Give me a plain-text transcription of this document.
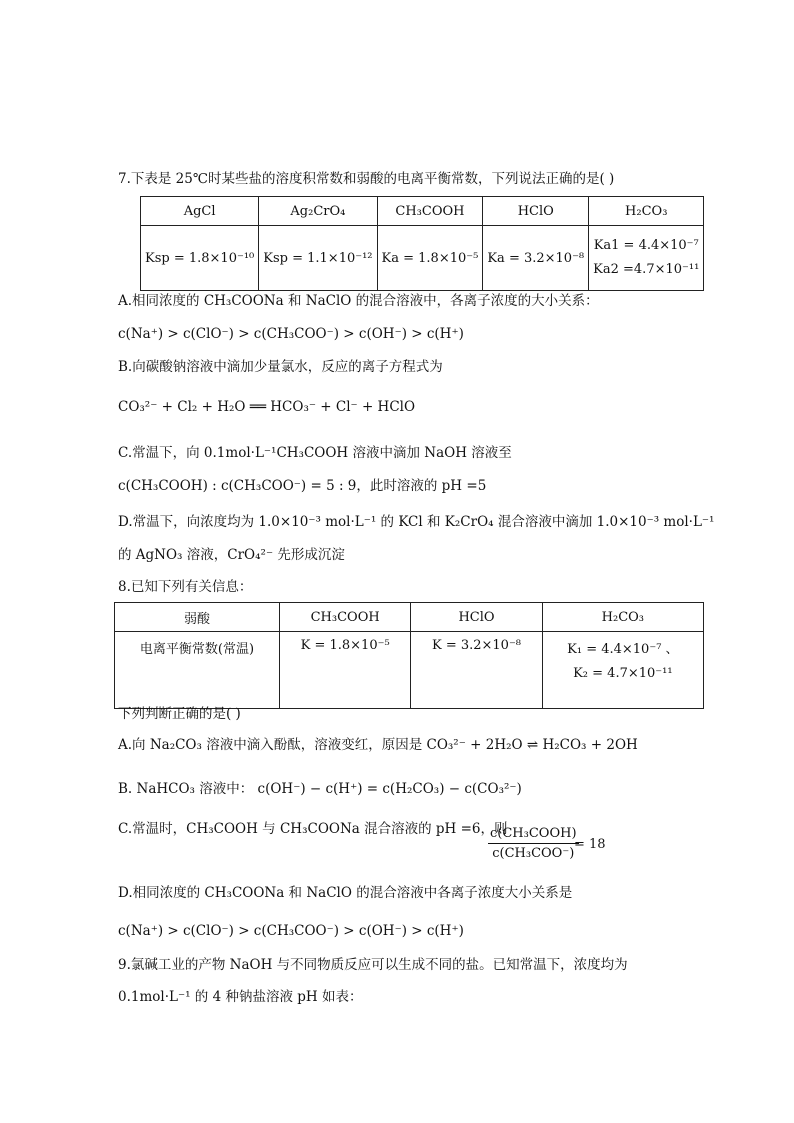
7.下表是 25℃时某些盐的溶度积常数和弱酸的电离平衡常数，下列说法正确的是( )
AgCl	Ag₂CrO₄	CH₃COOH	HClO	H₂CO₃
Ksp = 1.8×10⁻¹⁰	Ksp = 1.1×10⁻¹²	Ka = 1.8×10⁻⁵	Ka = 3.2×10⁻⁸	Ka1 = 4.4×10⁻⁷
Ka2 =4.7×10⁻¹¹
A.相同浓度的 CH₃COONa 和 NaClO 的混合溶液中，各离子浓度的大小关系：
c(Na⁺) > c(ClO⁻) > c(CH₃COO⁻) > c(OH⁻) > c(H⁺)
B.向碳酸钠溶液中滴加少量氯水，反应的离子方程式为
CO₃²⁻ + Cl₂ + H₂O ══ HCO₃⁻ + Cl⁻ + HClO
C.常温下，向 0.1mol·L⁻¹CH₃COOH 溶液中滴加 NaOH 溶液至
c(CH₃COOH) : c(CH₃COO⁻) = 5 : 9，此时溶液的 pH =5
D.常温下，向浓度均为 1.0×10⁻³ mol·L⁻¹ 的 KCl 和 K₂CrO₄ 混合溶液中滴加 1.0×10⁻³ mol·L⁻¹
的 AgNO₃ 溶液，CrO₄²⁻ 先形成沉淀
8.已知下列有关信息：
弱酸	CH₃COOH	HClO	H₂CO₃
电离平衡常数(常温)	K = 1.8×10⁻⁵	K = 3.2×10⁻⁸	K₁ = 4.4×10⁻⁷ 、
K₂ = 4.7×10⁻¹¹
下列判断正确的是( )
A.向 Na₂CO₃ 溶液中滴入酚酞，溶液变红，原因是 CO₃²⁻ + 2H₂O ⇌ H₂CO₃ + 2OH
B. NaHCO₃ 溶液中： c(OH⁻) − c(H⁺) = c(H₂CO₃) − c(CO₃²⁻)
C.常温时，CH₃COOH 与 CH₃COONa 混合溶液的 pH =6，则
c(CH₃COOH)
c(CH₃COO⁻)
= 18
D.相同浓度的 CH₃COONa 和 NaClO 的混合溶液中各离子浓度大小关系是
c(Na⁺) > c(ClO⁻) > c(CH₃COO⁻) > c(OH⁻) > c(H⁺)
9.氯碱工业的产物 NaOH 与不同物质反应可以生成不同的盐。已知常温下，浓度均为
0.1mol·L⁻¹ 的 4 种钠盐溶液 pH 如表：
